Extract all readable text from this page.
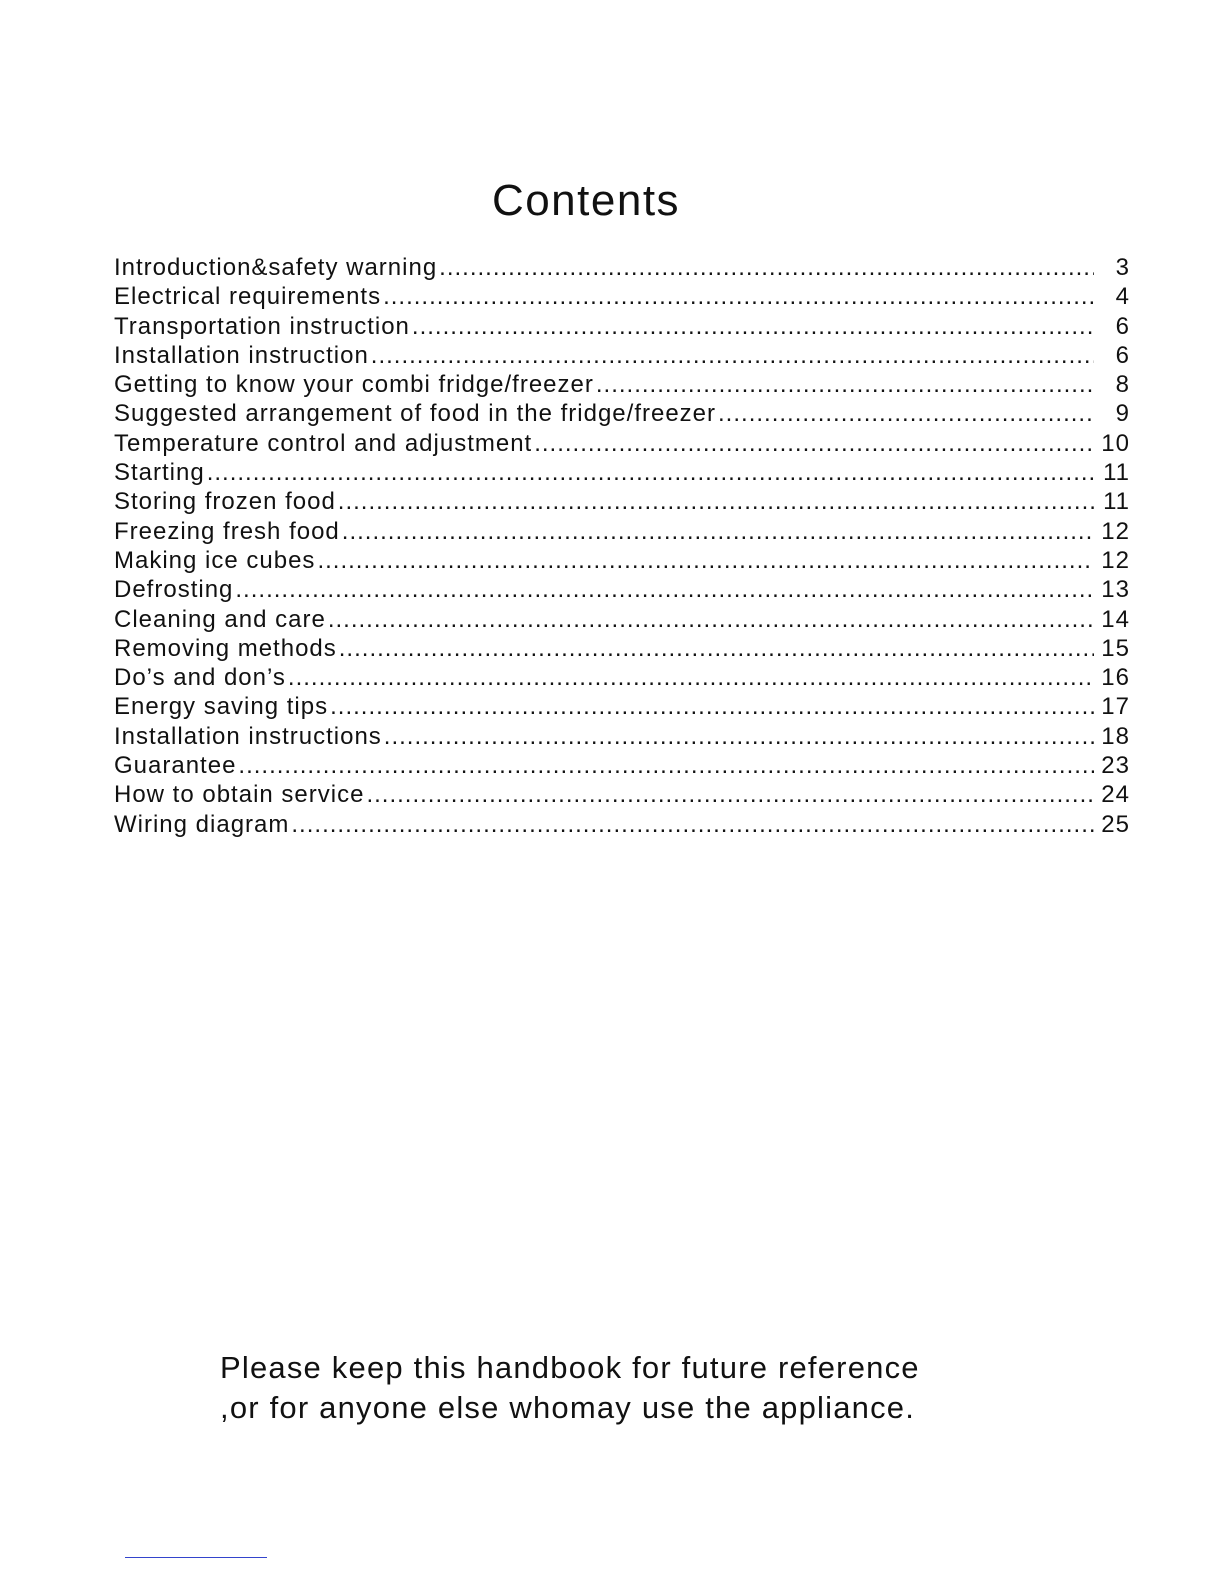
Contents
Introduction&safety warning .....	3
Electrical requirements .....	4
Transportation instruction .....	6
Installation instruction .....	6
Getting to know your combi fridge/freezer .....	8
Suggested arrangement of food in the fridge/freezer .....	9
Temperature control and adjustment .....	10
Starting .....	11
Storing frozen food .....	11
Freezing fresh food .....	12
Making ice cubes .....	12
Defrosting .....	13
Cleaning and care .....	14
Removing methods .....	15
Do’s and don’s .....	16
Energy saving tips .....	17
Installation instructions .....	18
Guarantee .....	23
How to obtain service .....	24
Wiring diagram .....	25
Please keep this handbook for future reference
,or for anyone else whomay use the appliance.
